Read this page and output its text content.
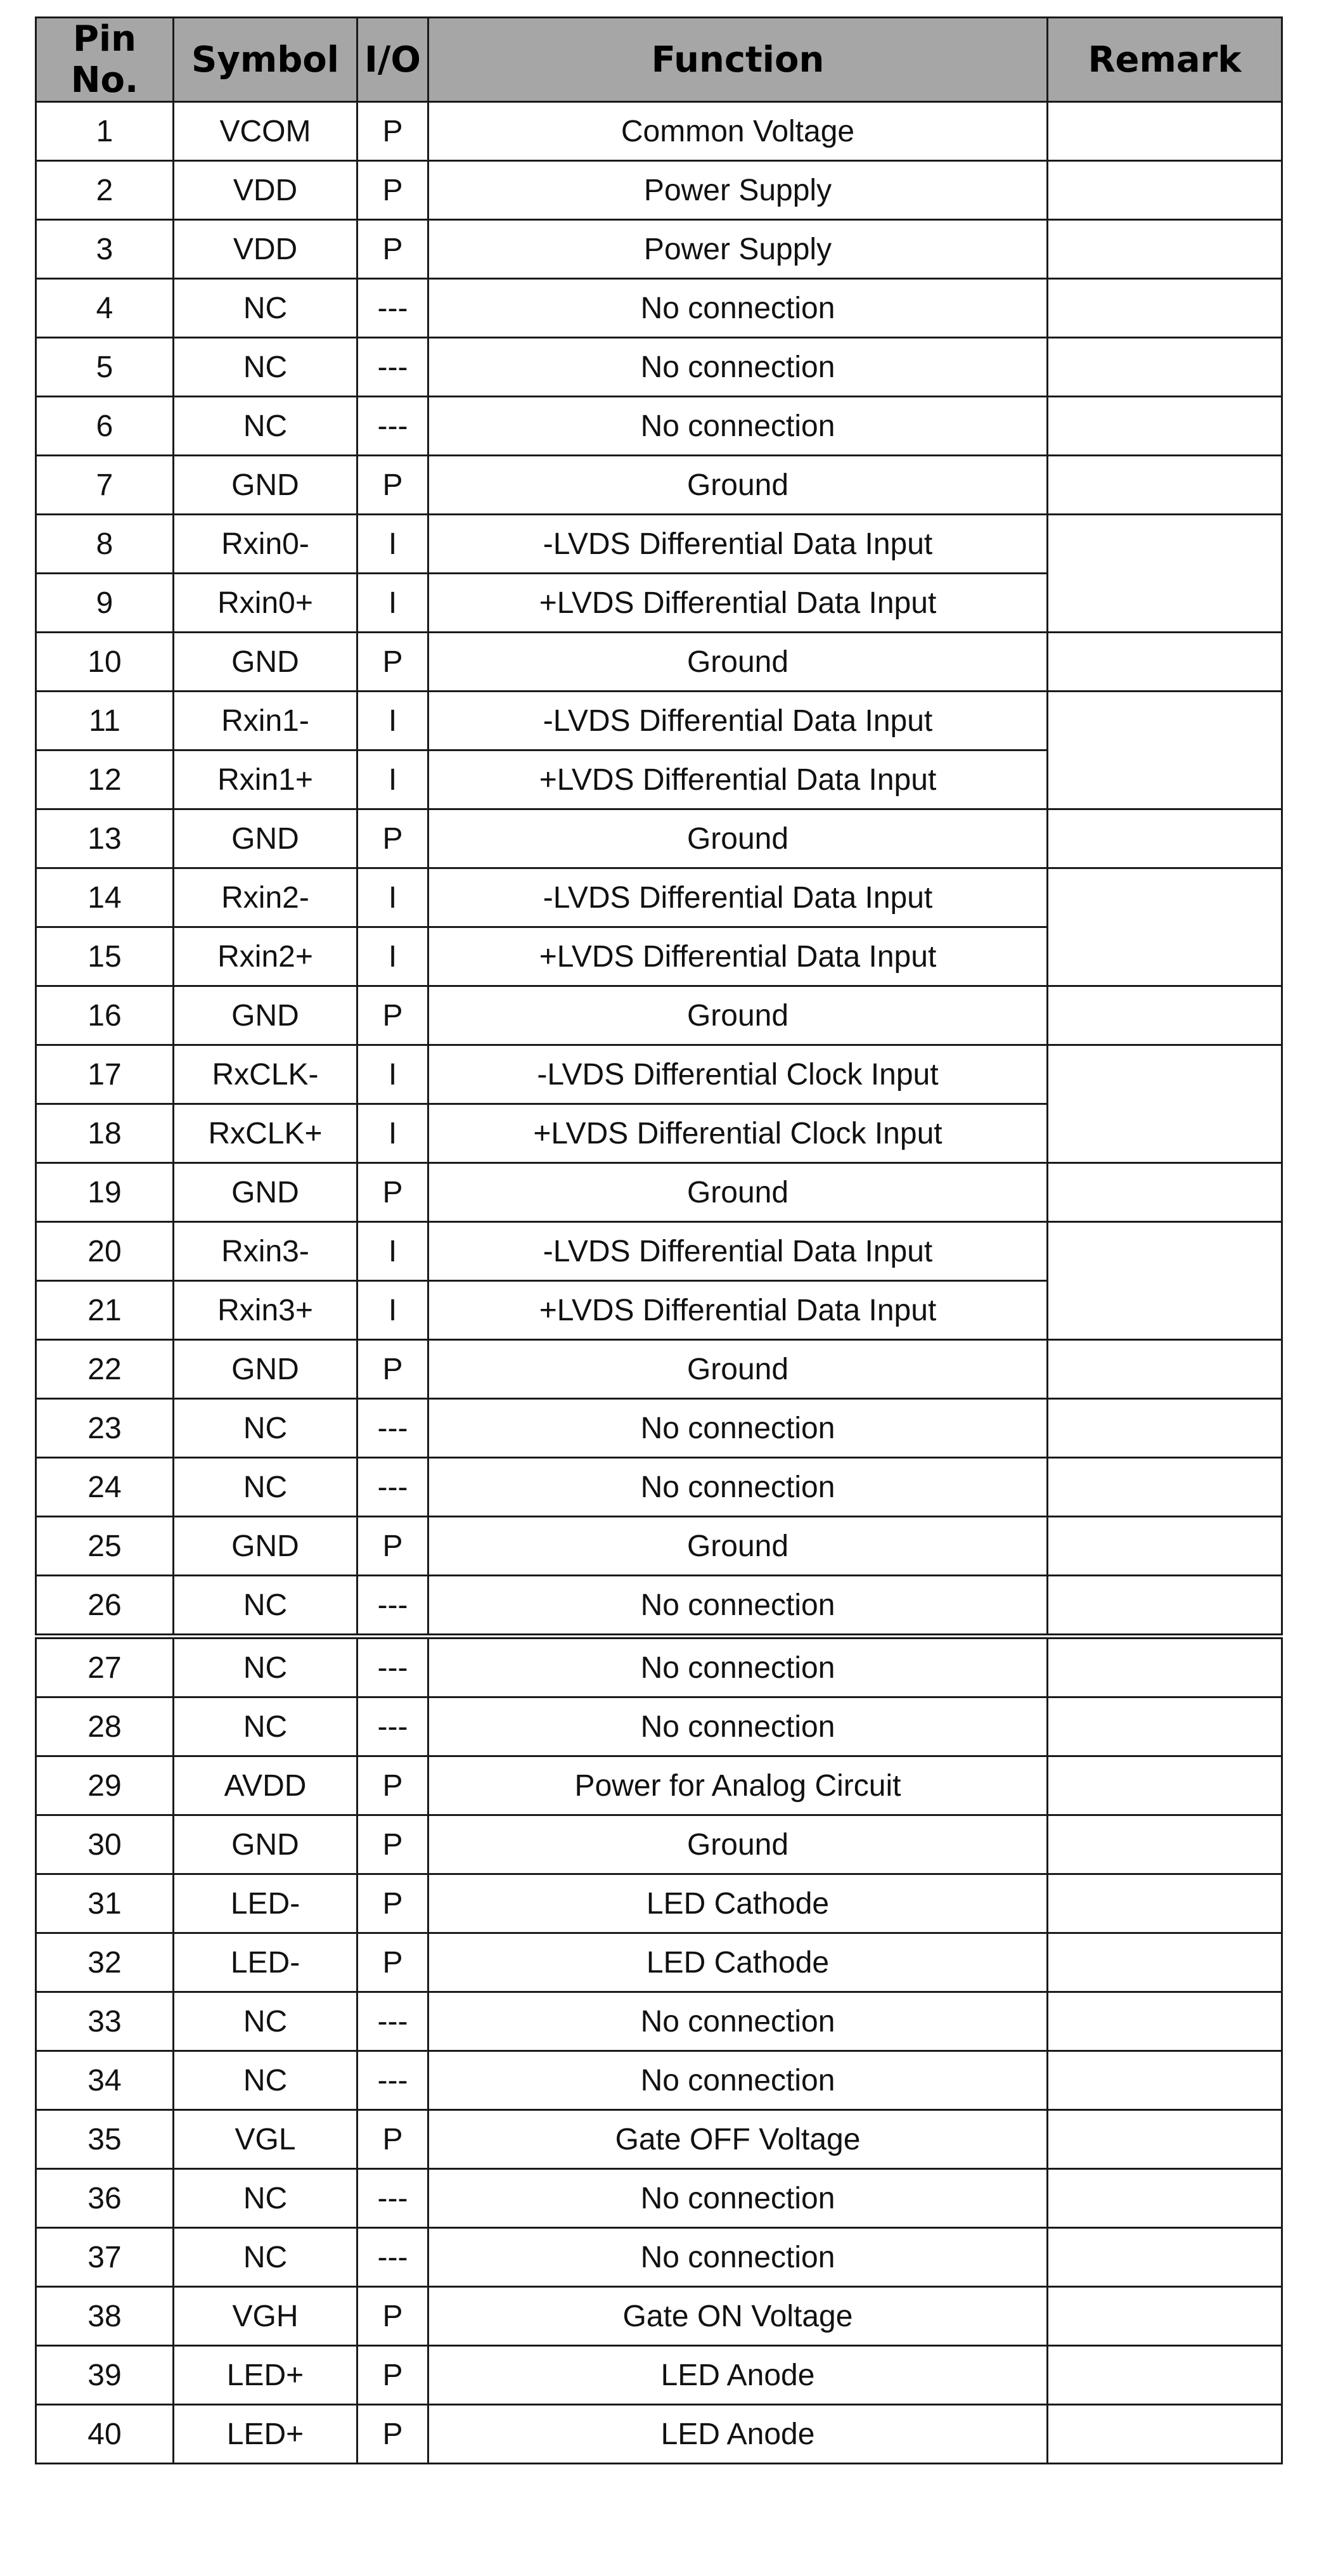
Pin No.	Symbol	I/O	Function	Remark
1	VCOM	P	Common Voltage	
2	VDD	P	Power Supply	
3	VDD	P	Power Supply	
4	NC	---	No connection	
5	NC	---	No connection	
6	NC	---	No connection	
7	GND	P	Ground	
8	Rxin0-	I	-LVDS Differential Data Input	
9	Rxin0+	I	+LVDS Differential Data Input	
10	GND	P	Ground	
11	Rxin1-	I	-LVDS Differential Data Input	
12	Rxin1+	I	+LVDS Differential Data Input	
13	GND	P	Ground	
14	Rxin2-	I	-LVDS Differential Data Input	
15	Rxin2+	I	+LVDS Differential Data Input	
16	GND	P	Ground	
17	RxCLK-	I	-LVDS Differential Clock Input	
18	RxCLK+	I	+LVDS Differential Clock Input	
19	GND	P	Ground	
20	Rxin3-	I	-LVDS Differential Data Input	
21	Rxin3+	I	+LVDS Differential Data Input	
22	GND	P	Ground	
23	NC	---	No connection	
24	NC	---	No connection	
25	GND	P	Ground	
26	NC	---	No connection	
27	NC	---	No connection	
28	NC	---	No connection	
29	AVDD	P	Power for Analog Circuit	
30	GND	P	Ground	
31	LED-	P	LED Cathode	
32	LED-	P	LED Cathode	
33	NC	---	No connection	
34	NC	---	No connection	
35	VGL	P	Gate OFF Voltage	
36	NC	---	No connection	
37	NC	---	No connection	
38	VGH	P	Gate ON Voltage	
39	LED+	P	LED Anode	
40	LED+	P	LED Anode	
